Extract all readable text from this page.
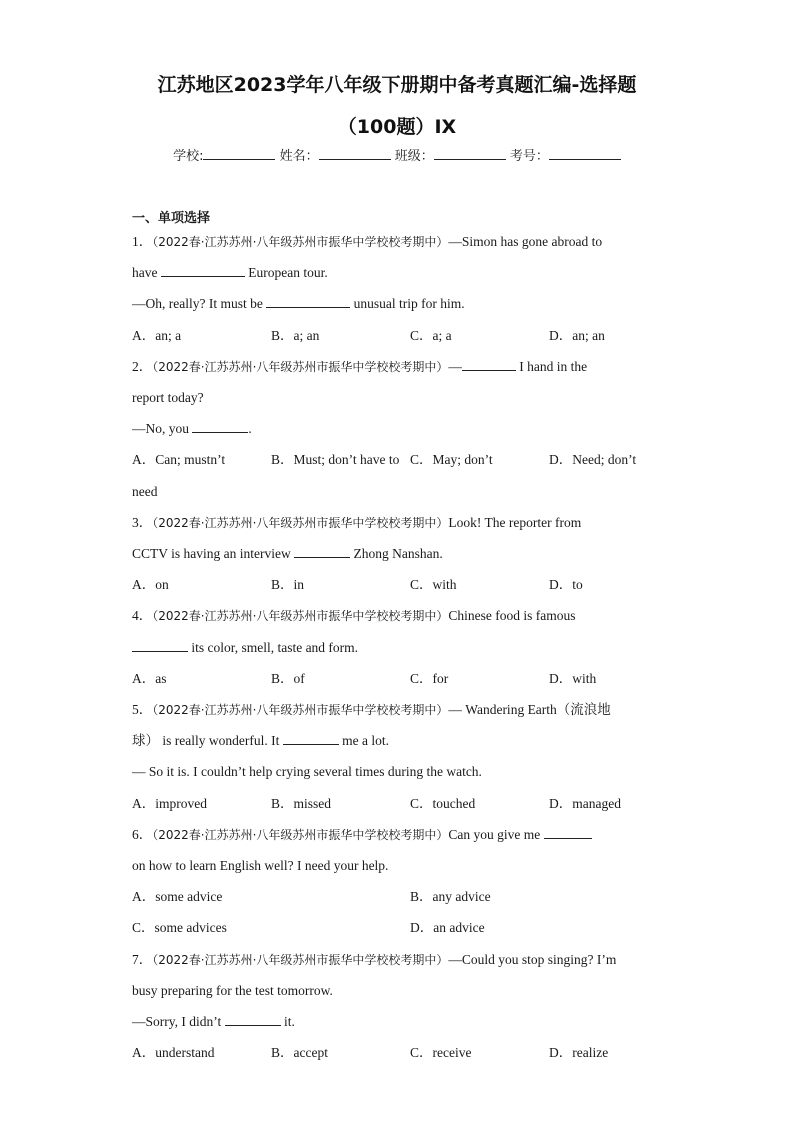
江苏地区2023学年八年级下册期中备考真题汇编-选择题
（100题）IX
学校:	姓名：	班级：	考号：
一、单项选择
1．（2022春·江苏苏州·八年级苏州市振华中学校校考期中）—Simon has gone abroad to
have	European tour.
—Oh, really? It must be	unusual trip for him.
A．an; a	B．a; an	C．a; a	D．an; an
2．（2022春·江苏苏州·八年级苏州市振华中学校校考期中）—	I hand in the
report today?
—No, you	.
A．Can; mustn’t	B．Must; don’t have to C．May; don’t	D．Need; don’t
need
3．（2022春·江苏苏州·八年级苏州市振华中学校校考期中）Look! The reporter from
CCTV is having an interview	Zhong Nanshan.
A．on	B．in	C．with	D．to
4．（2022春·江苏苏州·八年级苏州市振华中学校校考期中）Chinese food is famous
its color, smell, taste and form.
A．as	B．of	C．for	D．with
5．（2022春·江苏苏州·八年级苏州市振华中学校校考期中）— Wandering Earth（流浪地
球） is really wonderful. It	me a lot.
— So it is. I couldn’t help crying several times during the watch.
A．improved	B．missed	C．touched	D．managed
6．（2022春·江苏苏州·八年级苏州市振华中学校校考期中）Can you give me
on how to learn English well? I need your help.
A．some advice	B．any advice
C．some advices	D．an advice
7．（2022春·江苏苏州·八年级苏州市振华中学校校考期中）—Could you stop singing? I’m
busy preparing for the test tomorrow.
—Sorry, I didn’t	it.
A．understand	B．accept	C．receive	D．realize
